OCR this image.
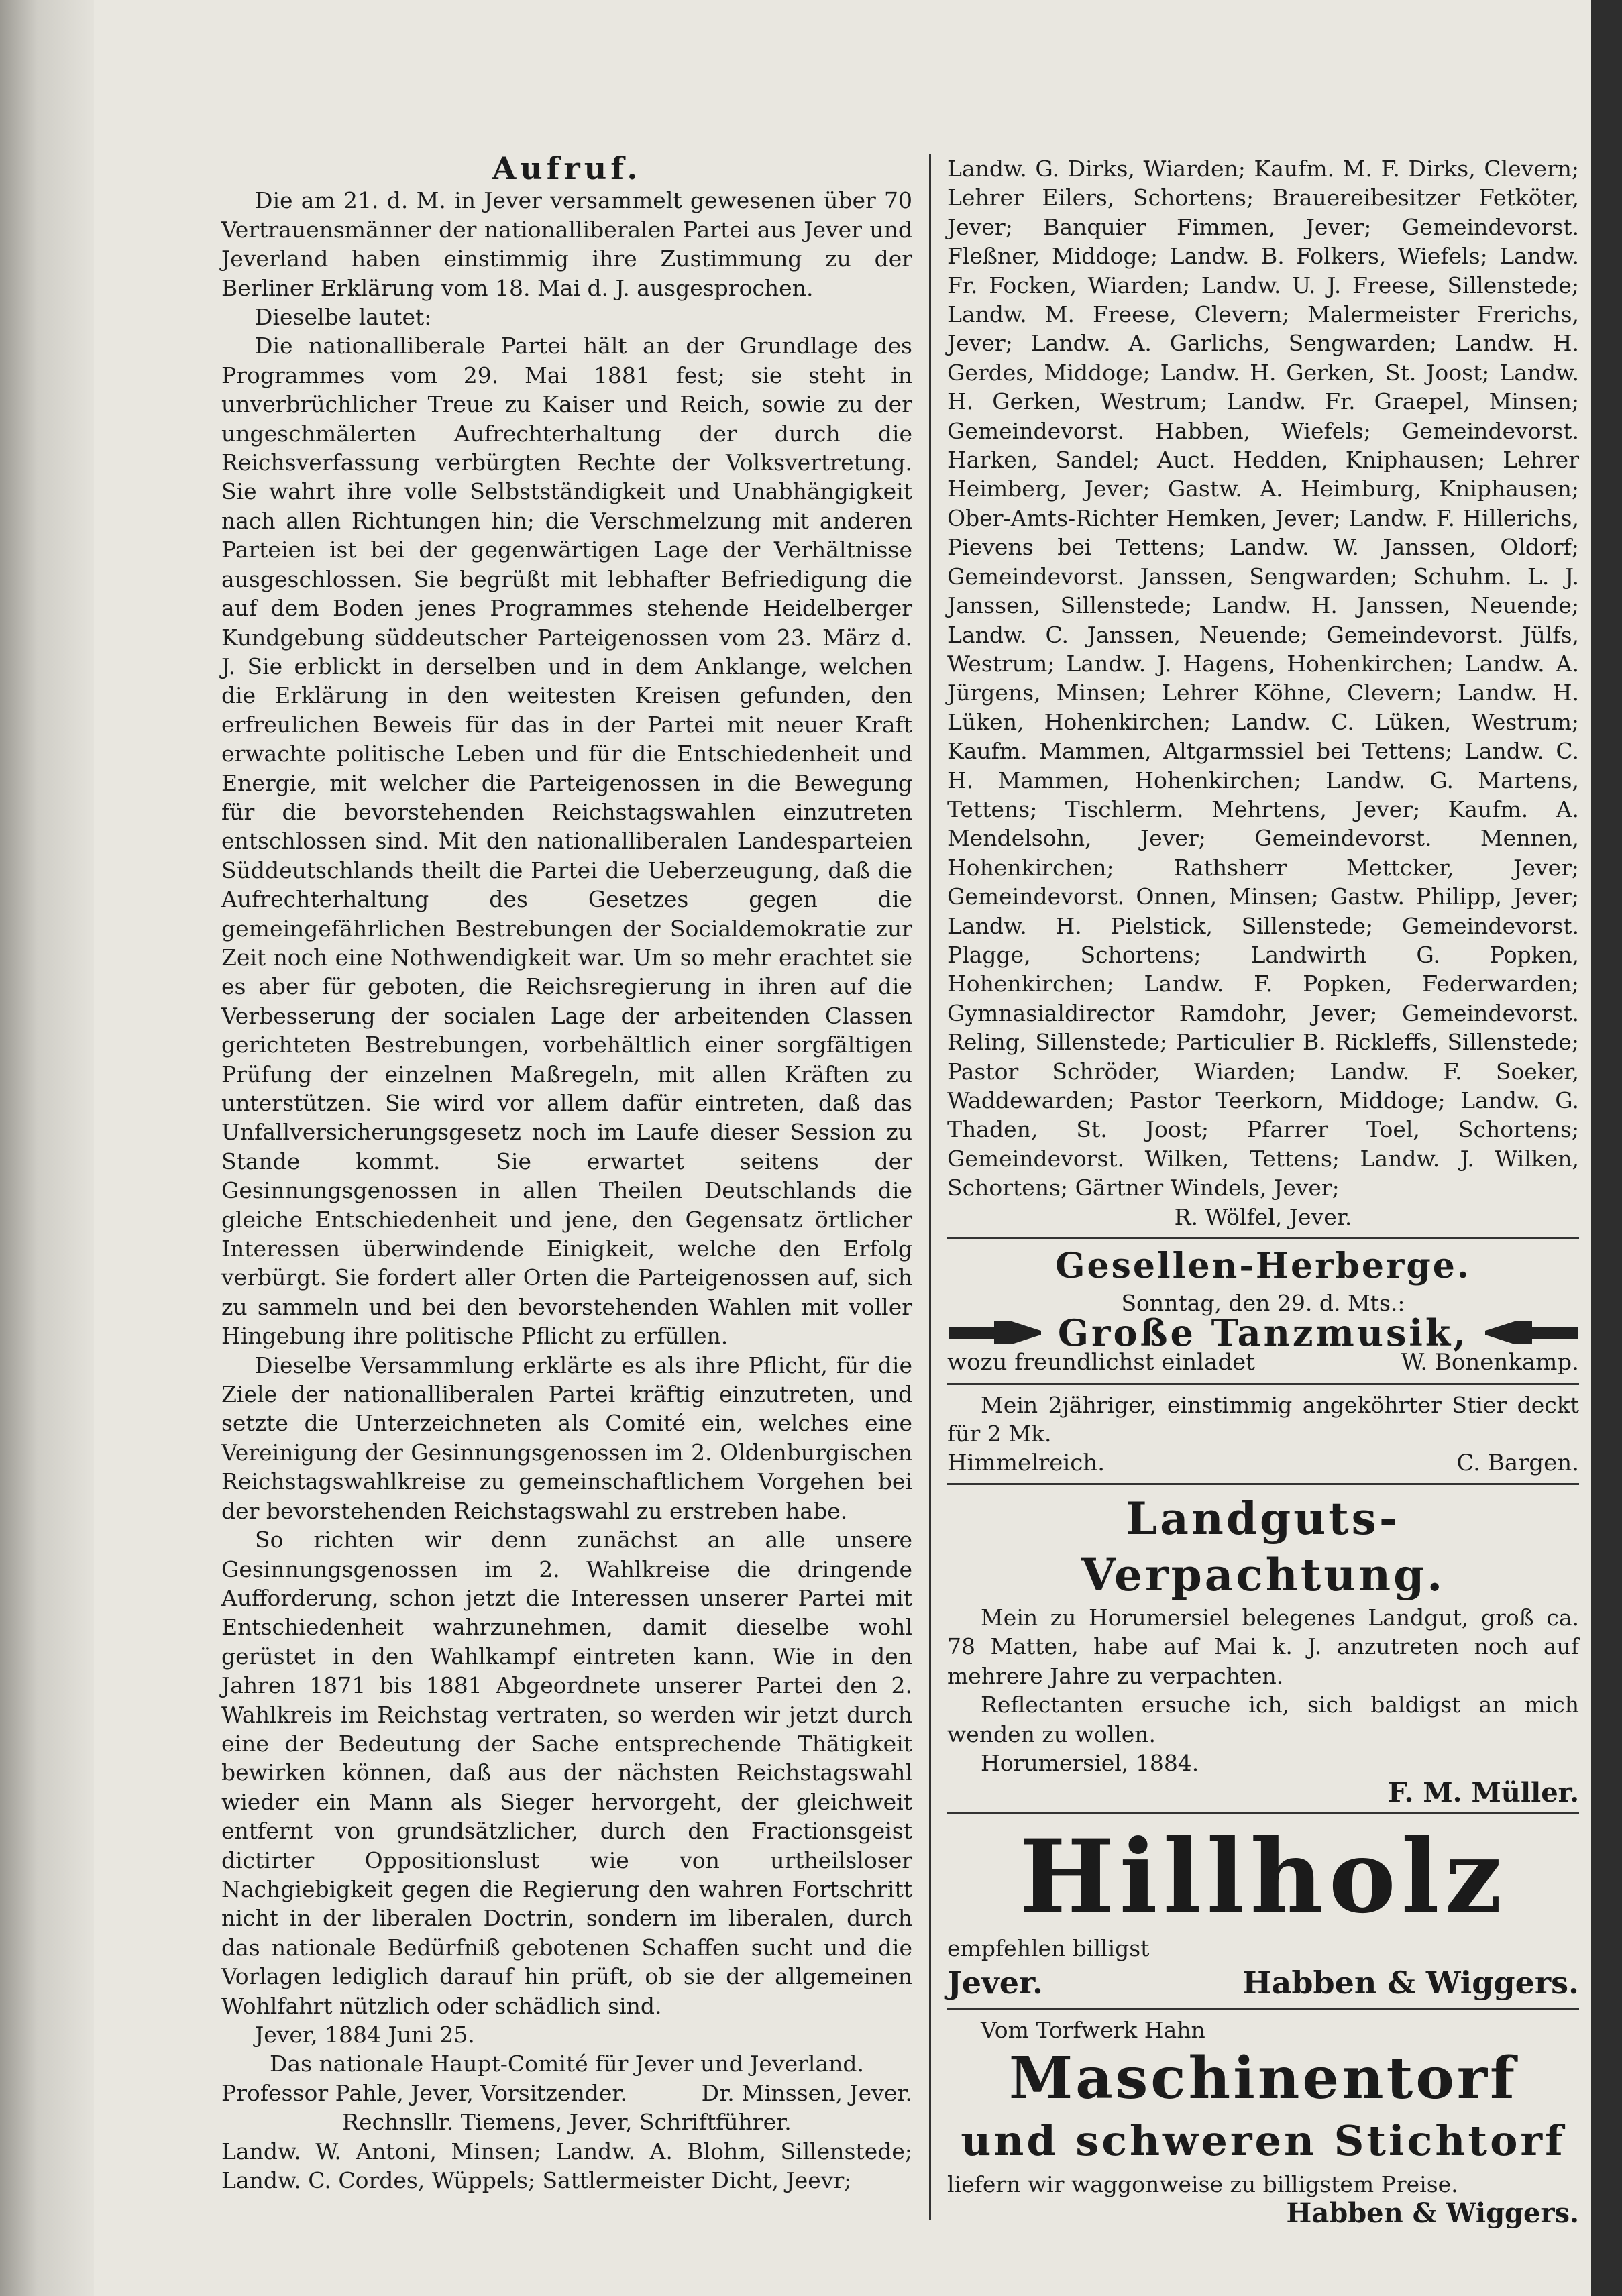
Aufruf.

Die am 21. d. M. in Jever versammelt gewesenen über 70 Vertrauensmänner der nationalliberalen Partei aus Jever und Jeverland haben einstimmig ihre Zustimmung zu der Berliner Erklärung vom 18. Mai d. J. ausgesprochen.

Dieselbe lautet:

Die nationalliberale Partei hält an der Grundlage des Programmes vom 29. Mai 1881 fest; sie steht in unverbrüchlicher Treue zu Kaiser und Reich, sowie zu der ungeschmälerten Aufrechterhaltung der durch die Reichsverfassung verbürgten Rechte der Volksvertretung. Sie wahrt ihre volle Selbstständigkeit und Unabhängigkeit nach allen Richtungen hin; die Verschmelzung mit anderen Parteien ist bei der gegenwärtigen Lage der Verhältnisse ausgeschlossen. Sie begrüßt mit lebhafter Befriedigung die auf dem Boden jenes Programmes stehende Heidelberger Kundgebung süddeutscher Parteigenossen vom 23. März d. J. Sie erblickt in derselben und in dem Anklange, welchen die Erklärung in den weitesten Kreisen gefunden, den erfreulichen Beweis für das in der Partei mit neuer Kraft erwachte politische Leben und für die Entschiedenheit und Energie, mit welcher die Parteigenossen in die Bewegung für die bevorstehenden Reichstagswahlen einzutreten entschlossen sind. Mit den nationalliberalen Landesparteien Süddeutschlands theilt die Partei die Ueberzeugung, daß die Aufrechterhaltung des Gesetzes gegen die gemeingefährlichen Bestrebungen der Socialdemokratie zur Zeit noch eine Nothwendigkeit war. Um so mehr erachtet sie es aber für geboten, die Reichsregierung in ihren auf die Verbesserung der socialen Lage der arbeitenden Classen gerichteten Bestrebungen, vorbehältlich einer sorgfältigen Prüfung der einzelnen Maßregeln, mit allen Kräften zu unterstützen. Sie wird vor allem dafür eintreten, daß das Unfallversicherungsgesetz noch im Laufe dieser Session zu Stande kommt. Sie erwartet seitens der Gesinnungsgenossen in allen Theilen Deutschlands die gleiche Entschiedenheit und jene, den Gegensatz örtlicher Interessen überwindende Einigkeit, welche den Erfolg verbürgt. Sie fordert aller Orten die Parteigenossen auf, sich zu sammeln und bei den bevorstehenden Wahlen mit voller Hingebung ihre politische Pflicht zu erfüllen.

Dieselbe Versammlung erklärte es als ihre Pflicht, für die Ziele der nationalliberalen Partei kräftig einzutreten, und setzte die Unterzeichneten als Comité ein, welches eine Vereinigung der Gesinnungsgenossen im 2. Oldenburgischen Reichstagswahlkreise zu gemeinschaftlichem Vorgehen bei der bevorstehenden Reichstagswahl zu erstreben habe.

So richten wir denn zunächst an alle unsere Gesinnungsgenossen im 2. Wahlkreise die dringende Aufforderung, schon jetzt die Interessen unserer Partei mit Entschiedenheit wahrzunehmen, damit dieselbe wohl gerüstet in den Wahlkampf eintreten kann. Wie in den Jahren 1871 bis 1881 Abgeordnete unserer Partei den 2. Wahlkreis im Reichstag vertraten, so werden wir jetzt durch eine der Bedeutung der Sache entsprechende Thätigkeit bewirken können, daß aus der nächsten Reichstagswahl wieder ein Mann als Sieger hervorgeht, der gleichweit entfernt von grundsätzlicher, durch den Fractionsgeist dictirter Oppositionslust wie von urtheilsloser Nachgiebigkeit gegen die Regierung den wahren Fortschritt nicht in der liberalen Doctrin, sondern im liberalen, durch das nationale Bedürfniß gebotenen Schaffen sucht und die Vorlagen lediglich darauf hin prüft, ob sie der allgemeinen Wohlfahrt nützlich oder schädlich sind.

Jever, 1884 Juni 25.

Das nationale Haupt-Comité für Jever und Jeverland.

Professor Pahle, Jever, Vorsitzender.	Dr. Minssen, Jever.

Rechnsllr. Tiemens, Jever, Schriftführer.

Landw. W. Antoni, Minsen; Landw. A. Blohm, Sillenstede; Landw. C. Cordes, Wüppels; Sattlermeister Dicht, Jeevr;

Landw. G. Dirks, Wiarden; Kaufm. M. F. Dirks, Clevern; Lehrer Eilers, Schortens; Brauereibesitzer Fetköter, Jever; Banquier Fimmen, Jever; Gemeindevorst. Fleßner, Middoge; Landw. B. Folkers, Wiefels; Landw. Fr. Focken, Wiarden; Landw. U. J. Freese, Sillenstede; Landw. M. Freese, Clevern; Malermeister Frerichs, Jever; Landw. A. Garlichs, Sengwarden; Landw. H. Gerdes, Middoge; Landw. H. Gerken, St. Joost; Landw. H. Gerken, Westrum; Landw. Fr. Graepel, Minsen; Gemeindevorst. Habben, Wiefels; Gemeindevorst. Harken, Sandel; Auct. Hedden, Kniphausen; Lehrer Heimberg, Jever; Gastw. A. Heimburg, Kniphausen; Ober-Amts-Richter Hemken, Jever; Landw. F. Hillerichs, Pievens bei Tettens; Landw. W. Janssen, Oldorf; Gemeindevorst. Janssen, Sengwarden; Schuhm. L. J. Janssen, Sillenstede; Landw. H. Janssen, Neuende; Landw. C. Janssen, Neuende; Gemeindevorst. Jülfs, Westrum; Landw. J. Hagens, Hohenkirchen; Landw. A. Jürgens, Minsen; Lehrer Köhne, Clevern; Landw. H. Lüken, Hohenkirchen; Landw. C. Lüken, Westrum; Kaufm. Mammen, Altgarmssiel bei Tettens; Landw. C. H. Mammen, Hohenkirchen; Landw. G. Martens, Tettens; Tischlerm. Mehrtens, Jever; Kaufm. A. Mendelsohn, Jever; Gemeindevorst. Mennen, Hohenkirchen; Rathsherr Mettcker, Jever; Gemeindevorst. Onnen, Minsen; Gastw. Philipp, Jever; Landw. H. Pielstick, Sillenstede; Gemeindevorst. Plagge, Schortens; Landwirth G. Popken, Hohenkirchen; Landw. F. Popken, Federwarden; Gymnasialdirector Ramdohr, Jever; Gemeindevorst. Reling, Sillenstede; Particulier B. Rickleffs, Sillenstede; Pastor Schröder, Wiarden; Landw. F. Soeker, Waddewarden; Pastor Teerkorn, Middoge; Landw. G. Thaden, St. Joost; Pfarrer Toel, Schortens; Gemeindevorst. Wilken, Tettens; Landw. J. Wilken, Schortens; Gärtner Windels, Jever;

R. Wölfel, Jever.

Gesellen-Herberge.

Sonntag, den 29. d. Mts.:

Große Tanzmusik,
wozu freundlichst einladet	W. Bonenkamp.

Mein 2jähriger, einstimmig angeköhrter Stier deckt für 2 Mk.

Himmelreich.	C. Bargen.

Landguts-Verpachtung.

Mein zu Horumersiel belegenes Landgut, groß ca. 78 Matten, habe auf Mai k. J. anzutreten noch auf mehrere Jahre zu verpachten.

Reflectanten ersuche ich, sich baldigst an mich wenden zu wollen.

Horumersiel, 1884.

F. M. Müller.

Hillholz

empfehlen billigst

Jever.	Habben & Wiggers.

Vom Torfwerk Hahn

Maschinentorf

und schweren Stichtorf

liefern wir waggonweise zu billigstem Preise.

Habben & Wiggers.
